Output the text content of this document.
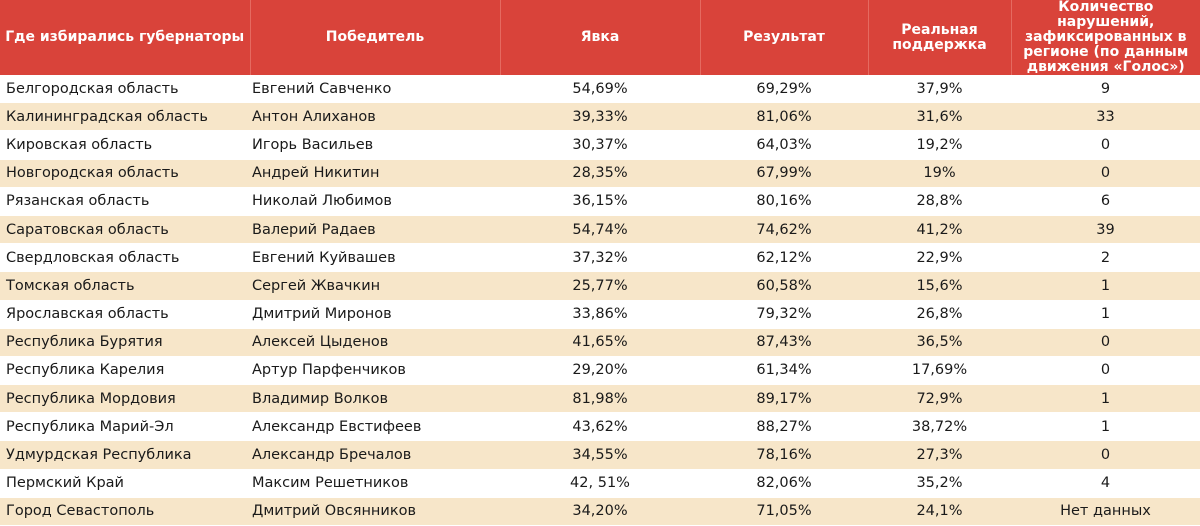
Где избирались губернаторы	Победитель	Явка	Результат	Реальная поддержка	Количество нарушений, зафиксированных в регионе (по данным движения «Голос»)
Белгородская область	Евгений Савченко	54,69%	69,29%	37,9%	9
Калининградская область	Антон Алиханов	39,33%	81,06%	31,6%	33
Кировская область	Игорь Васильев	30,37%	64,03%	19,2%	0
Новгородская область	Андрей Никитин	28,35%	67,99%	19%	0
Рязанская область	Николай Любимов	36,15%	80,16%	28,8%	6
Саратовская область	Валерий Радаев	54,74%	74,62%	41,2%	39
Свердловская область	Евгений Куйвашев	37,32%	62,12%	22,9%	2
Томская область	Сергей Жвачкин	25,77%	60,58%	15,6%	1
Ярославская область	Дмитрий Миронов	33,86%	79,32%	26,8%	1
Республика Бурятия	Алексей Цыденов	41,65%	87,43%	36,5%	0
Республика Карелия	Артур Парфенчиков	29,20%	61,34%	17,69%	0
Республика Мордовия	Владимир Волков	81,98%	89,17%	72,9%	1
Республика Марий-Эл	Александр Евстифеев	43,62%	88,27%	38,72%	1
Удмурдская Республика	Александр Бречалов	34,55%	78,16%	27,3%	0
Пермский Край	Максим Решетников	42, 51%	82,06%	35,2%	4
Город Севастополь	Дмитрий Овсянников	34,20%	71,05%	24,1%	Нет данных
